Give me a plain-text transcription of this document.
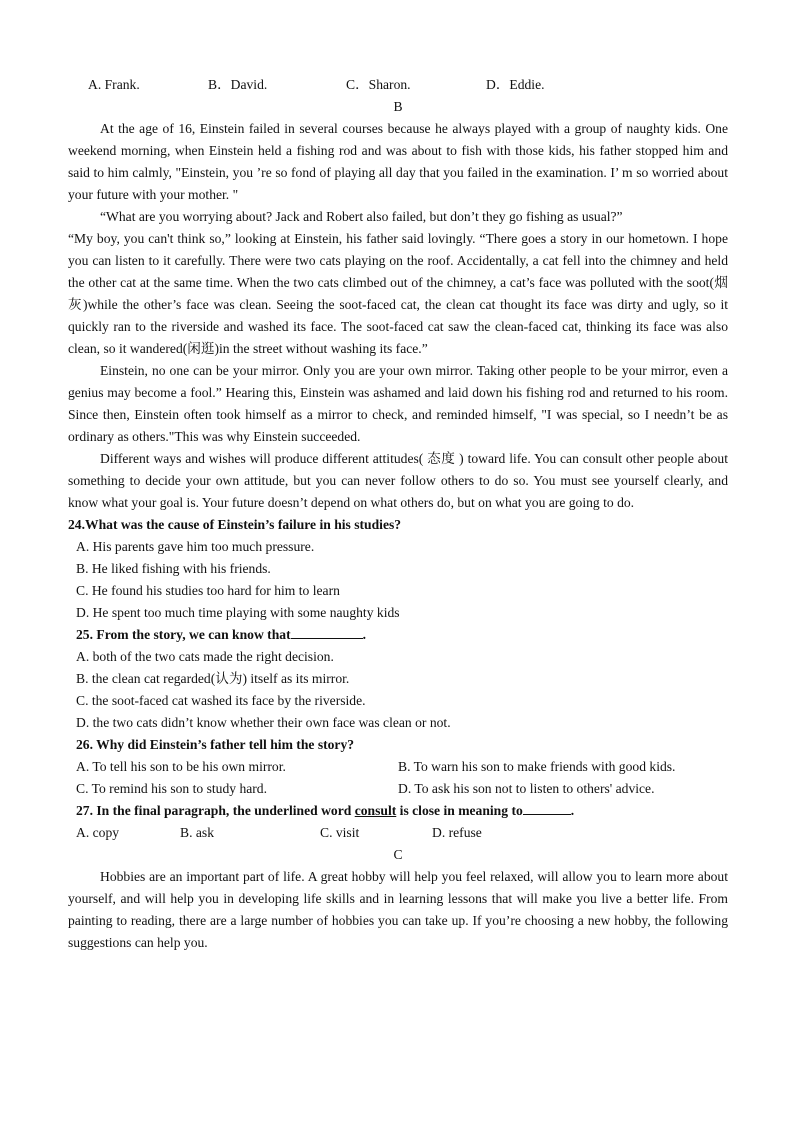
A. Frank.	B．David.	C．Sharon.	D．Eddie.
B

At the age of 16, Einstein failed in several courses because he always played with a group of naughty kids. One weekend morning, when Einstein held a fishing rod and was about to fish with those kids, his father stopped him and said to him calmly, "Einstein, you ’re so fond of playing all day that you failed in the examination. I’ m so worried about your future with your mother. "

“What are you worrying about? Jack and Robert also failed, but don’t they go fishing as usual?”

“My boy, you can't think so,” looking at Einstein, his father said lovingly. “There goes a story in our hometown. I hope you can listen to it carefully. There were two cats playing on the roof. Accidentally, a cat fell into the chimney and held the other cat at the same time. When the two cats climbed out of the chimney, a cat’s face was polluted with the soot(烟灰)while the other’s face was clean. Seeing the soot-faced cat, the clean cat thought its face was dirty and ugly, so it quickly ran to the riverside and washed its face. The soot-faced cat saw the clean-faced cat, thinking its face was also clean, so it wandered(闲逛)in the street without washing its face.”

Einstein, no one can be your mirror. Only you are your own mirror. Taking other people to be your mirror, even a genius may become a fool.” Hearing this, Einstein was ashamed and laid down his fishing rod and returned to his room. Since then, Einstein often took himself as a mirror to check, and reminded himself, "I was special, so I needn’t be as ordinary as others."This was why Einstein succeeded.

Different ways and wishes will produce different attitudes( 态度 ) toward life. You can consult other people about something to decide your own attitude, but you can never follow others to do so. You must see yourself clearly, and know what your goal is. Your future doesn’t depend on what others do, but on what you are going to do.

24.What was the cause of Einstein’s failure in his studies?

A. His parents gave him too much pressure.

B. He liked fishing with his friends.

C. He found his studies too hard for him to learn

D. He spent too much time playing with some naughty kids

25. From the story, we can know that	.

A. both of the two cats made the right decision.

B. the clean cat regarded(认为) itself as its mirror.

C. the soot-faced cat washed its face by the riverside.

D. the two cats didn’t know whether their own face was clean or not.

26. Why did Einstein’s father tell him the story?

A. To tell his son to be his own mirror.	B. To warn his son to make friends with good kids.
C. To remind his son to study hard.	D. To ask his son not to listen to others' advice.

27. In the final paragraph, the underlined word consult is close in meaning to	.

A. copy	B. ask	C. visit	D. refuse
C

Hobbies are an important part of life. A great hobby will help you feel relaxed, will allow you to learn more about yourself, and will help you in developing life skills and in learning lessons that will make you live a better life. From painting to reading, there are a large number of hobbies you can take up. If you’re choosing a new hobby, the following suggestions can help you.
